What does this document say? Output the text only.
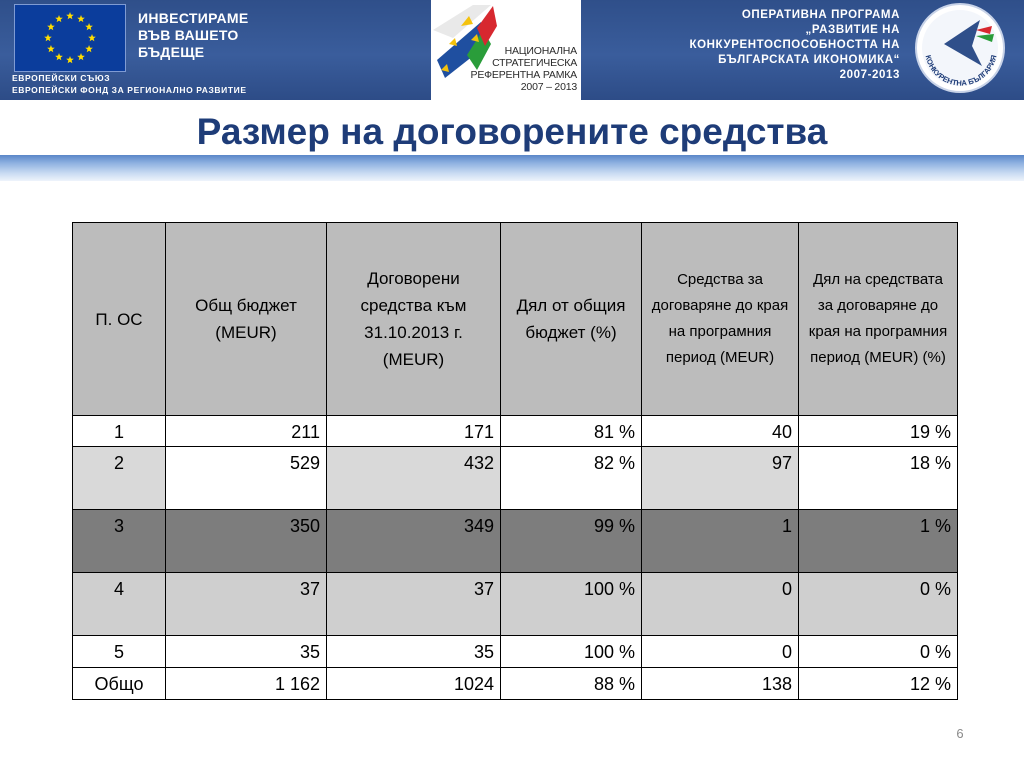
ИНВЕСТИРАМЕ
ВЪВ ВАШЕТО
БЪДЕЩЕ
ЕВРОПЕЙСКИ СЪЮЗ
ЕВРОПЕЙСКИ ФОНД ЗА РЕГИОНАЛНО РАЗВИТИЕ
НАЦИОНАЛНА
СТРАТЕГИЧЕСКА
РЕФЕРЕНТНА РАМКА
2007 – 2013
ОПЕРАТИВНА ПРОГРАМА
„РАЗВИТИЕ НА
КОНКУРЕНТОСПОСОБНОСТТА НА
БЪЛГАРСКАТА ИКОНОМИКА“
2007-2013
КОНКУРЕНТНА БЪЛГАРИЯ
Размер на договорените средства
П. ОС	Общ бюджет (MEUR)	Договорени средства към 31.10.2013 г. (MEUR)	Дял от общия бюджет (%)	Средства за договаряне до края на програмния период (MEUR)	Дял на средствата за договаряне до края на програмния период (MEUR) (%)
1	211	171	81 %	40	19 %
2	529	432	82 %	97	18 %
3	350	349	99 %	1	1 %
4	37	37	100 %	0	0 %
5	35	35	100 %	0	0 %
Общо	1 162	1024	88 %	138	12 %
6
